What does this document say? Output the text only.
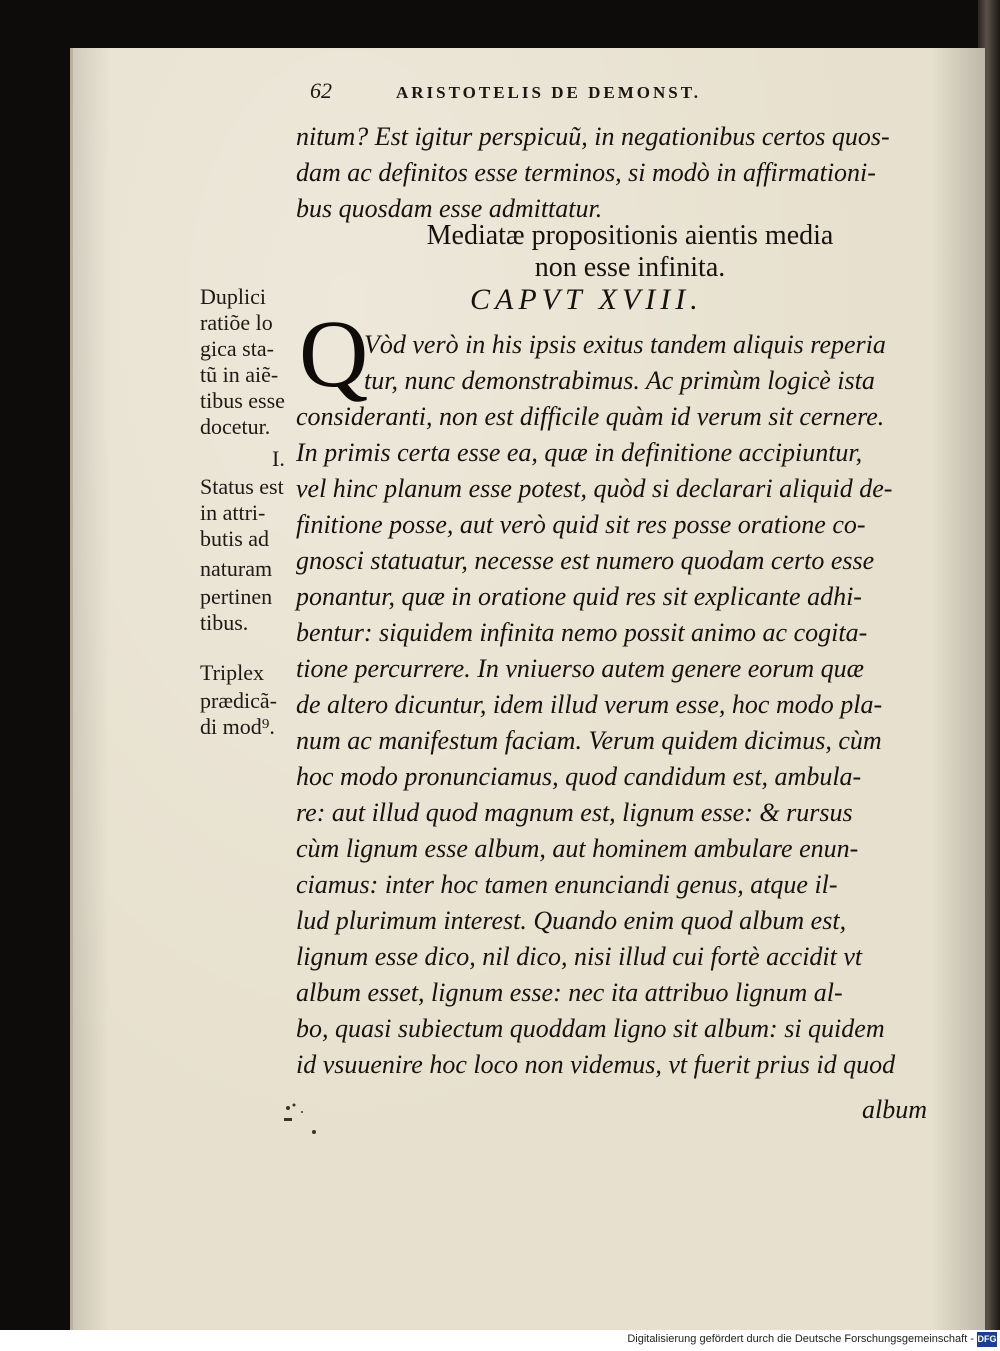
62	ARISTOTELIS DE DEMONST.
nitum? Est igitur perspicuũ, in negationibus certos quos-
dam ac definitos esse terminos, si modò in affirmationi-
bus quosdam esse admittatur.
Mediatæ propositionis aientis media
non esse infinita.
CAPVT XVIII.
Q
Vòd verò in his ipsis exitus tandem aliquis reperia
tur, nunc demonstrabimus. Ac primùm logicè ista
consideranti, non est difficile quàm id verum sit cernere.
In primis certa esse ea, quæ in definitione accipiuntur,
vel hinc planum esse potest, quòd si declarari aliquid de-
finitione posse, aut verò quid sit res posse oratione co-
gnosci statuatur, necesse est numero quodam certo esse
ponantur, quæ in oratione quid res sit explicante adhi-
bentur: siquidem infinita nemo possit animo ac cogita-
tione percurrere. In vniuerso autem genere eorum quæ
de altero dicuntur, idem illud verum esse, hoc modo pla-
num ac manifestum faciam. Verum quidem dicimus, cùm
hoc modo pronunciamus, quod candidum est, ambula-
re: aut illud quod magnum est, lignum esse: & rursus
cùm lignum esse album, aut hominem ambulare enun-
ciamus: inter hoc tamen enunciandi genus, atque il-
lud plurimum interest. Quando enim quod album est,
lignum esse dico, nil dico, nisi illud cui fortè accidit vt
album esset, lignum esse: nec ita attribuo lignum al-
bo, quasi subiectum quoddam ligno sit album: si quidem
id vsuuenire hoc loco non videmus, vt fuerit prius id quod
album
Duplici
ratiõe lo
gica sta-
tũ in aiẽ-
tibus esse
docetur.
I.
Status est
in attri-
butis ad
naturam
pertinen
tibus.
Triplex
prædicã-
di mod⁹.
Digitalisierung gefördert durch die Deutsche Forschungsgemeinschaft - DFG
